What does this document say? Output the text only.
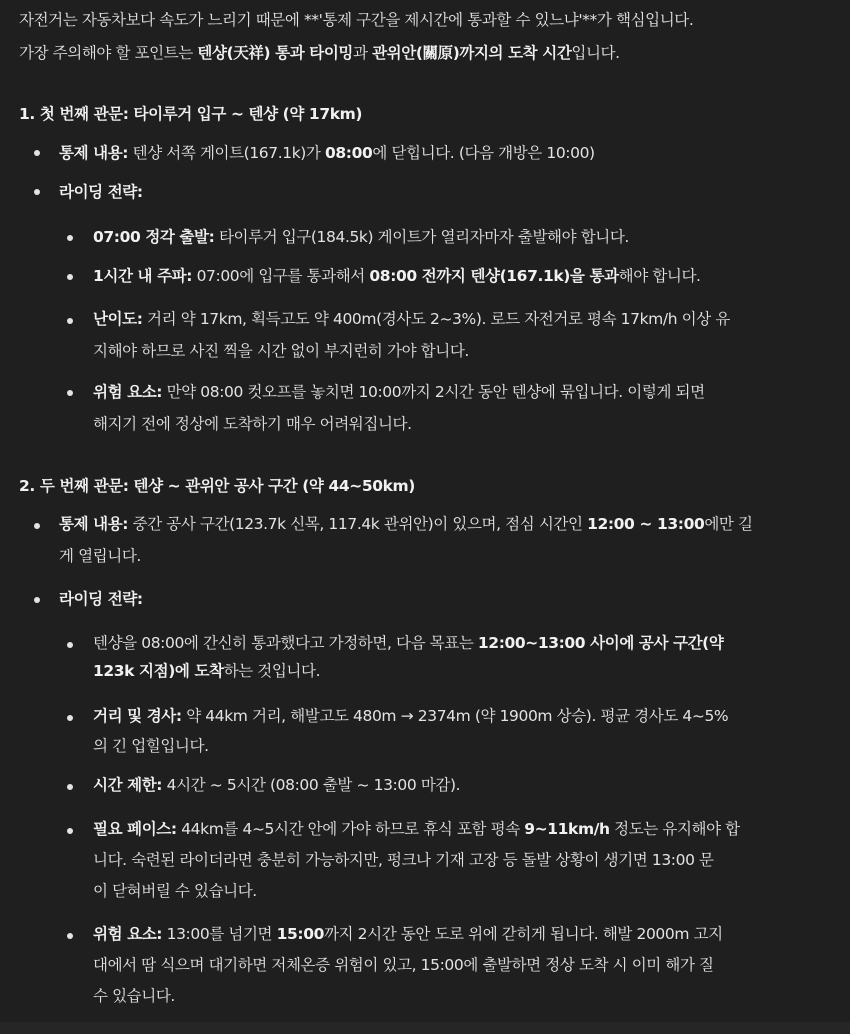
자전거는 자동차보다 속도가 느리기 때문에 **'통제 구간을 제시간에 통과할 수 있느냐'**가 핵심입니다.
가장 주의해야 할 포인트는 텐샹(天祥) 통과 타이밍과 관위안(關原)까지의 도착 시간입니다.
1. 첫 번째 관문: 타이루거 입구 ~ 텐샹 (약 17km)
통제 내용: 텐샹 서쪽 게이트(167.1k)가 08:00에 닫힙니다. (다음 개방은 10:00)
라이딩 전략:
07:00 정각 출발: 타이루거 입구(184.5k) 게이트가 열리자마자 출발해야 합니다.
1시간 내 주파: 07:00에 입구를 통과해서 08:00 전까지 텐샹(167.1k)을 통과해야 합니다.
난이도: 거리 약 17km, 획득고도 약 400m(경사도 2~3%). 로드 자전거로 평속 17km/h 이상 유
지해야 하므로 사진 찍을 시간 없이 부지런히 가야 합니다.
위험 요소: 만약 08:00 컷오프를 놓치면 10:00까지 2시간 동안 텐샹에 묶입니다. 이렇게 되면
해지기 전에 정상에 도착하기 매우 어려워집니다.
2. 두 번째 관문: 텐샹 ~ 관위안 공사 구간 (약 44~50km)
통제 내용: 중간 공사 구간(123.7k 신목, 117.4k 관위안)이 있으며, 점심 시간인 12:00 ~ 13:00에만 길
게 열립니다.
라이딩 전략:
텐샹을 08:00에 간신히 통과했다고 가정하면, 다음 목표는 12:00~13:00 사이에 공사 구간(약
123k 지점)에 도착하는 것입니다.
거리 및 경사: 약 44km 거리, 해발고도 480m → 2374m (약 1900m 상승). 평균 경사도 4~5%
의 긴 업힐입니다.
시간 제한: 4시간 ~ 5시간 (08:00 출발 ~ 13:00 마감).
필요 페이스: 44km를 4~5시간 안에 가야 하므로 휴식 포함 평속 9~11km/h 정도는 유지해야 합
니다. 숙련된 라이더라면 충분히 가능하지만, 펑크나 기재 고장 등 돌발 상황이 생기면 13:00 문
이 닫혀버릴 수 있습니다.
위험 요소: 13:00를 넘기면 15:00까지 2시간 동안 도로 위에 갇히게 됩니다. 해발 2000m 고지
대에서 땀 식으며 대기하면 저체온증 위험이 있고, 15:00에 출발하면 정상 도착 시 이미 해가 질
수 있습니다.
